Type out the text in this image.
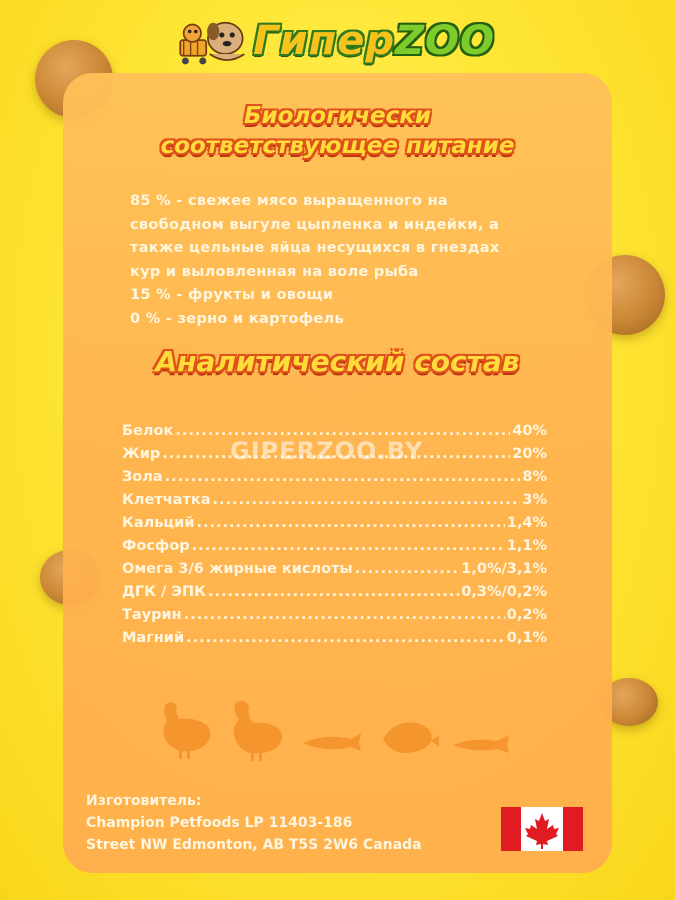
ГиперZOO
Биологически
соответствующее питание
85 % - свежее мясо выращенного на
свободном выгуле цыпленка и индейки, а
также цельные яйца несущихся в гнездах
кур и выловленная на воле рыба
15 % - фрукты и овощи
0 % - зерно и картофель
Аналитический состав
Белок .....	40%
Жир .....	20%
Зола .....	8%
Клетчатка .....	3%
Кальций .....	1,4%
Фосфор .....	1,1%
Омега 3/6 жирные кислоты .....	1,0%/3,1%
ДГК / ЭПК .....	0,3%/0,2%
Таурин .....	0,2%
Магний .....	0,1%
GIPERZOO.BY
Изготовитель:
Champion Petfoods LP 11403-186
Street NW Edmonton, AB T5S 2W6 Canada
